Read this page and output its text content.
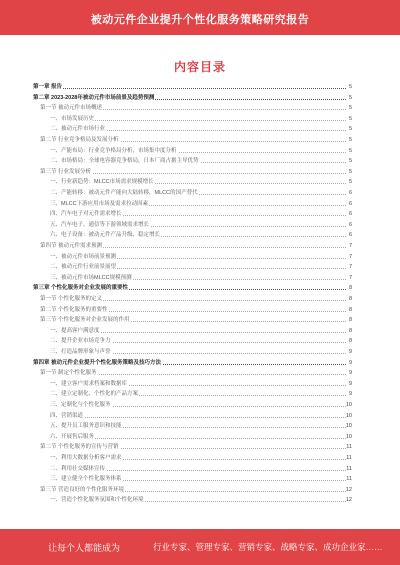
被动元件企业提升个性化服务策略研究报告
内容目录
第一章 报告	5
第二章 2023-2028年被动元件市场前景及趋势预测	5
第一节 被动元件市场概述	5
一、市场发展历史	5
二、被动元件市场行业	5
第二节 行业竞争格局及发展分析	5
一、产能布局：行业竞争格局分析，市场集中度分析	5
二、市场格局：全球电容器竞争格局，日本厂商占据主导优势	5
第三节 行业发展分析	5
一、行业新趋势：MLCC市场需求规模增长	5
二、产能转移：被动元件产能向大陆转移，MLCC的国产替代	6
三、MLCC下游应用市场及需求拉动因素	6
四、汽车电子对元件需求增长	6
五、汽车电子、通信等下游领域需求增长	6
六、电子设备：被动元件产品升级、稳定增长	6
第四节 被动元件需求预测	7
一、被动元件市场前景预测	7
二、被动元件行业前景展望	7
三、被动元件市场MLCC规模预测	7
第三章 个性化服务对企业发展的重要性	8
第一节 个性化服务的定义	8
第二节 个性化服务的重要性	8
第三节 个性化服务对企业发展的作用	8
一、提高客户满意度	8
二、提升企业市场竞争力	8
三、打造品牌形象与声誉	9
第四章 被动元件企业提升个性化服务策略及技巧方法	9
第一节 制定个性化服务	9
一、建立客户需求档案和数据库	9
二、建立定制化、个性化的产品方案	9
三、定制化与个性化服务	10
四、营销渠道	10
五、提升员工服务意识和技能	10
六、开展售后服务	10
第二节 个性化服务的宣传与营销	11
一、利用大数据分析客户需求	11
二、利用社交媒体宣传	11
三、建立健全个性化服务体系	11
第三节 营造良好的个性化服务环境	12
一、营造个性化服务氛围和个性化环境	12
让每个人都能成为	行业专家、管理专家、营销专家、战略专家、成功企业家……
